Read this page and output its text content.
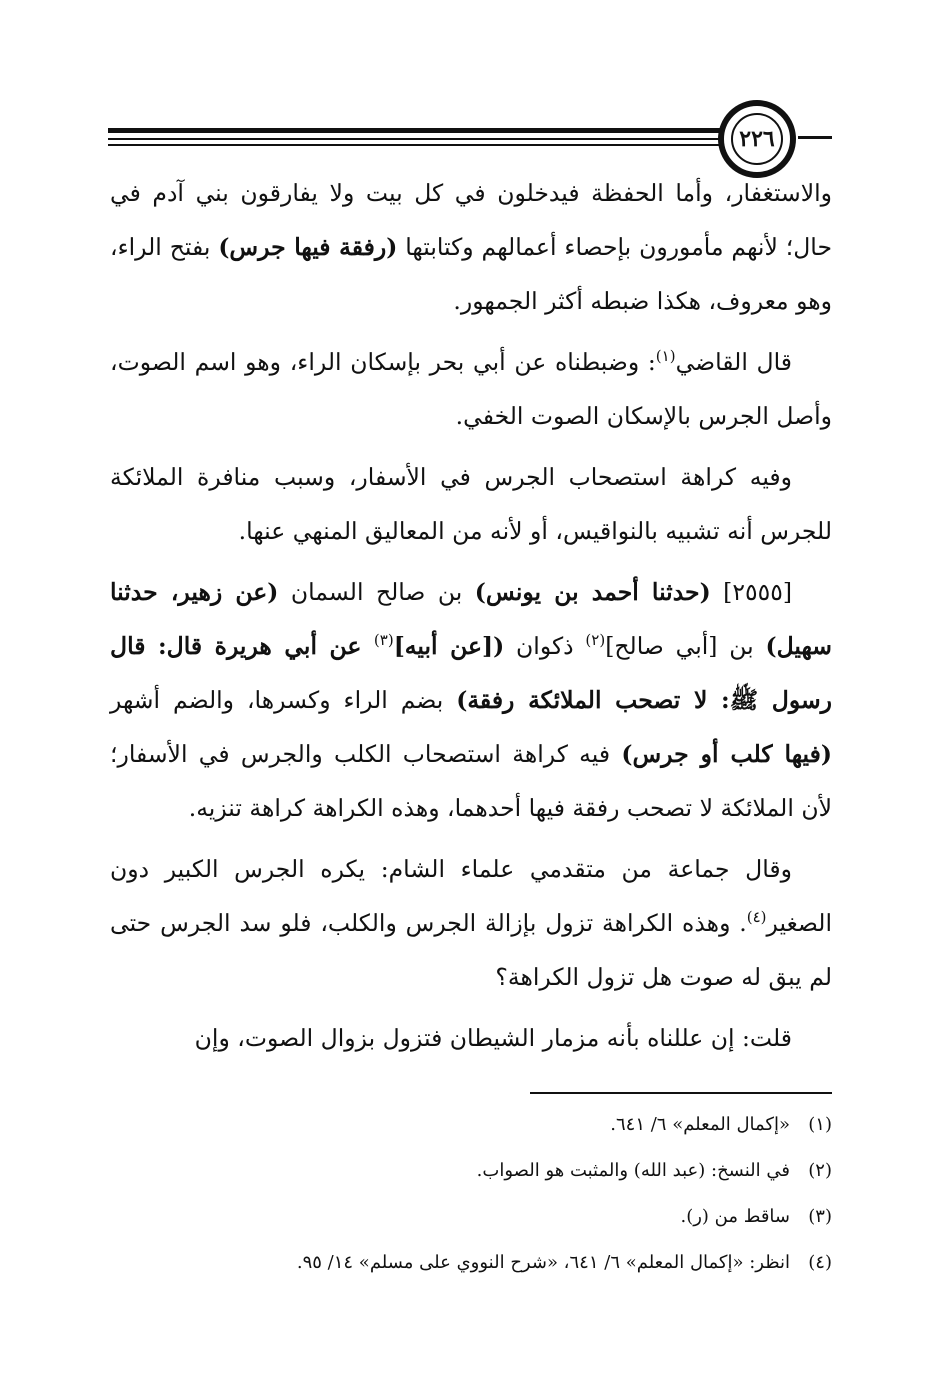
٢٢٦

والاستغفار، وأما الحفظة فيدخلون في كل بيت ولا يفارقون بني آدم في حال؛ لأنهم مأمورون بإحصاء أعمالهم وكتابتها (رفقة فيها جرس) بفتح الراء، وهو معروف، هكذا ضبطه أكثر الجمهور.

قال القاضي$^{(١)}$: وضبطناه عن أبي بحر بإسكان الراء، وهو اسم الصوت، وأصل الجرس بالإسكان الصوت الخفي.

وفيه كراهة استصحاب الجرس في الأسفار، وسبب منافرة الملائكة للجرس أنه تشبيه بالنواقيس، أو لأنه من المعاليق المنهي عنها.

[٢٥٥٥] (حدثنا أحمد بن يونس) بن صالح السمان (عن زهير، حدثنا سهيل) بن [أبي صالح]$^{(٢)}$ ذكوان ([عن أبيه]$^{(٣)}$ عن أبي هريرة قال: قال رسول ﷺ: لا تصحب الملائكة رفقة) بضم الراء وكسرها، والضم أشهر (فيها كلب أو جرس) فيه كراهة استصحاب الكلب والجرس في الأسفار؛ لأن الملائكة لا تصحب رفقة فيها أحدهما، وهذه الكراهة كراهة تنزيه.

وقال جماعة من متقدمي علماء الشام: يكره الجرس الكبير دون الصغير$^{(٤)}$. وهذه الكراهة تزول بإزالة الجرس والكلب، فلو سد الجرس حتى لم يبق له صوت هل تزول الكراهة؟

قلت: إن عللناه بأنه مزمار الشيطان فتزول بزوال الصوت، وإن

(١)
«إكمال المعلم» ٦/ ٦٤١.
(٢)
في النسخ: (عبد الله) والمثبت هو الصواب.
(٣)
ساقط من (ر).
(٤)
انظر: «إكمال المعلم» ٦/ ٦٤١، «شرح النووي على مسلم» ١٤/ ٩٥.
